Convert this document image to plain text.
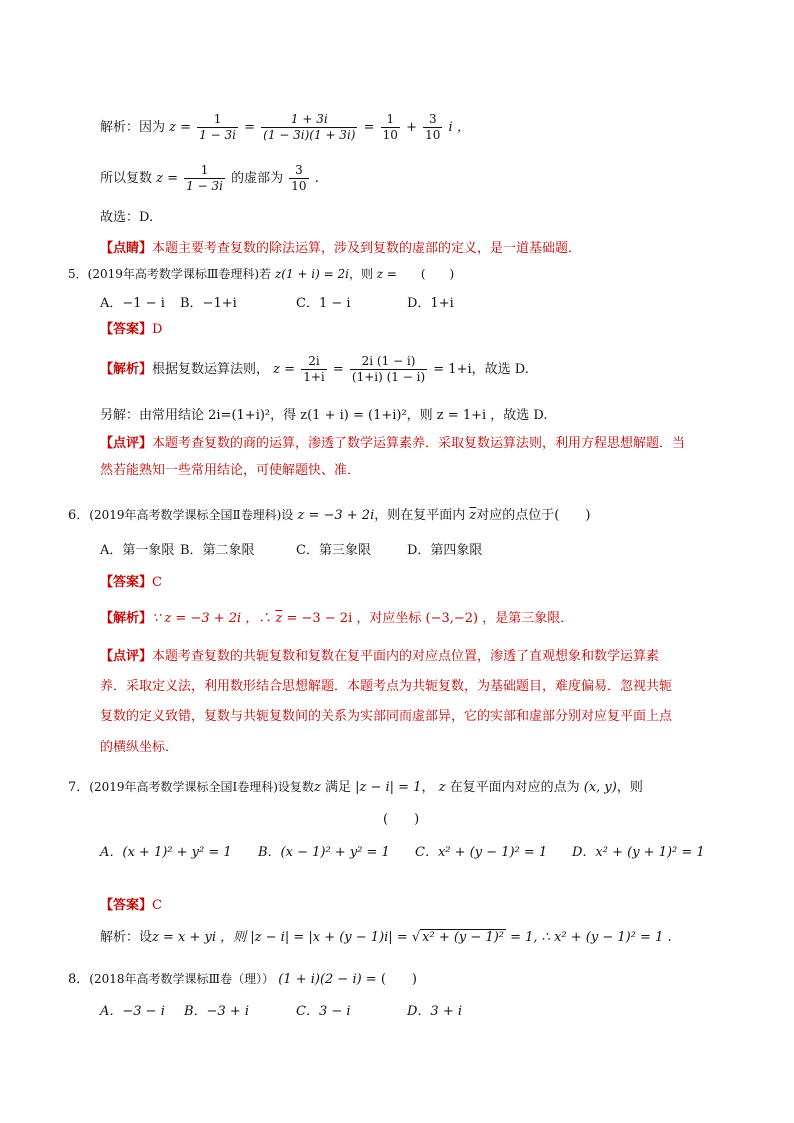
解析：因为 $z = \frac{1}{1 - 3i} = \frac{1 + 3i}{(1 - 3i)(1 + 3i)} = \frac{1}{10} + \frac{3}{10}$ i ，
所以复数 $z = \frac{1}{1 - 3i}$ 的虚部为 $\frac{3}{10}$ .
故选：D.
【点睛】本题主要考查复数的除法运算，涉及到复数的虚部的定义，是一道基础题．
5．(2019年高考数学课标Ⅲ卷理科)若 z(1 + i) = 2i，则 z = (　　)
A．−1 − i B．−1+i	C．1 − i	D．1+i
【答案】D
【解析】根据复数运算法则， $z = \frac{2i}{1+i} = \frac{2i (1 - i)}{(1+i) (1 - i)} = 1+i$，故选 D.
另解：由常用结论 2i=(1+i)²，得 z(1 + i) = (1+i)²，则 z = 1+i ，故选 D.
【点评】本题考查复数的商的运算，渗透了数学运算素养．采取复数运算法则，利用方程思想解题．当
然若能熟知一些常用结论，可使解题快、准．
6．(2019年高考数学课标全国Ⅱ卷理科)设 z = −3 + 2i，则在复平面内 $\overline{z}$对应的点位于(　　)
A．第一象限 B．第二象限	C．第三象限	D．第四象限
【答案】C
【解析】∵ z = −3 + 2i ，∴ $\overline{z} = -3 - 2i$ ，对应坐标 (−3,−2) ，是第三象限．
【点评】本题考查复数的共轭复数和复数在复平面内的对应点位置，渗透了直观想象和数学运算素
养．采取定义法，利用数形结合思想解题．本题考点为共轭复数，为基础题目，难度偏易．忽视共轭
复数的定义致错，复数与共轭复数间的关系为实部同而虚部异，它的实部和虚部分别对应复平面上点
的横纵坐标．
7．(2019年高考数学课标全国Ⅰ卷理科)设复数z 满足 |z − i| = 1， z 在复平面内对应的点为 (x, y)，则
(　　)
A．(x + 1)² + y² = 1 B．(x − 1)² + y² = 1 C．x² + (y − 1)² = 1 D．x² + (y + 1)² = 1
【答案】C
解析：设z = x + yi ，则 |z − i| = |x + (y − 1)i| = √ x² + (y − 1)² = 1, ∴ x² + (y − 1)² = 1 .
8．(2018年高考数学课标Ⅲ卷（理）） (1 + i)(2 − i) = (　　)
A．−3 − i B．−3 + i	C．3 − i	D．3 + i
